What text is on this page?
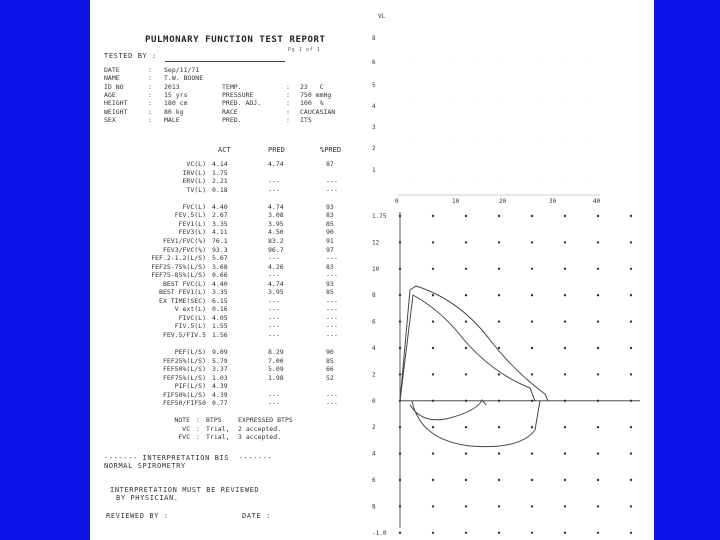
PULMONARY FUNCTION TEST REPORT
Pg 1 of 1
TESTED BY :
DATE	: Sep/11/71
NAME	: T.W. BOONE
ID NO	: 2013	TEMP.	: 23   C
AGE	: 15 yrs	PRESSURE	: 750 mmHg
HEIGHT	: 180 cm	PRED. ADJ.	: 100  %
WEIGHT	: 80 kg	RACE	: CAUCASIAN
SEX	: MALE	PRED.	: ITS
ACT	PRED	%PRED
VC(L) 4.14	4.74	87
IRV(L) 1.75
ERV(L) 2.21	---	---
TV(L) 0.18	---	---
FVC(L) 4.40	4.74	93
FEV.5(L) 2.67	3.08	83
FEV1(L) 3.35	3.95	85
FEV3(L) 4.11	4.50	90
FEV1/FVC(%) 76.1	83.2	91
FEV3/FVC(%) 93.3	96.7	97
FEF.2-1.2(L/S) 5.67	---	---
FEF25-75%(L/S) 3.68	4.26	83
FEF75-85%(L/S) 0.66	---	---
BEST FVC(L) 4.40	4.74	93
BEST FEV1(L) 3.35	3.95	85
EX TIME(SEC) 6.15	---	---
V ext(L) 0.16	---	---
FIVC(L) 4.05	---	---
FIV.5(L) 1.55	---	---
FEV.5/FIV.5 1.56	---	---
PEF(L/S) 9.09	8.29	90
FEF25%(L/S) 5.79	7.00	85
FEF50%(L/S) 3.37	5.09	66
FEF75%(L/S) 1.03	1.98	52
PIF(L/S) 4.39
FIF50%(L/S) 4.39	---	---
FEF50/FIF50 0.77	---	---
NOTE : BTPS EXPRESSED BTPS
VC : Trial, 2 accepted.
FVC : Trial, 3 accepted.
------- INTERPRETATION BIS  -------
NORMAL SPIROMETRY
INTERPRETATION MUST BE REVIEWED
BY PHYSICIAN.
REVIEWED BY :	DATE :
VL
8
6
5
4
3
2
1
0	10	20	30	40
1.75
12
10
8
6
4
2
0
2
4
6
8
-1.0
